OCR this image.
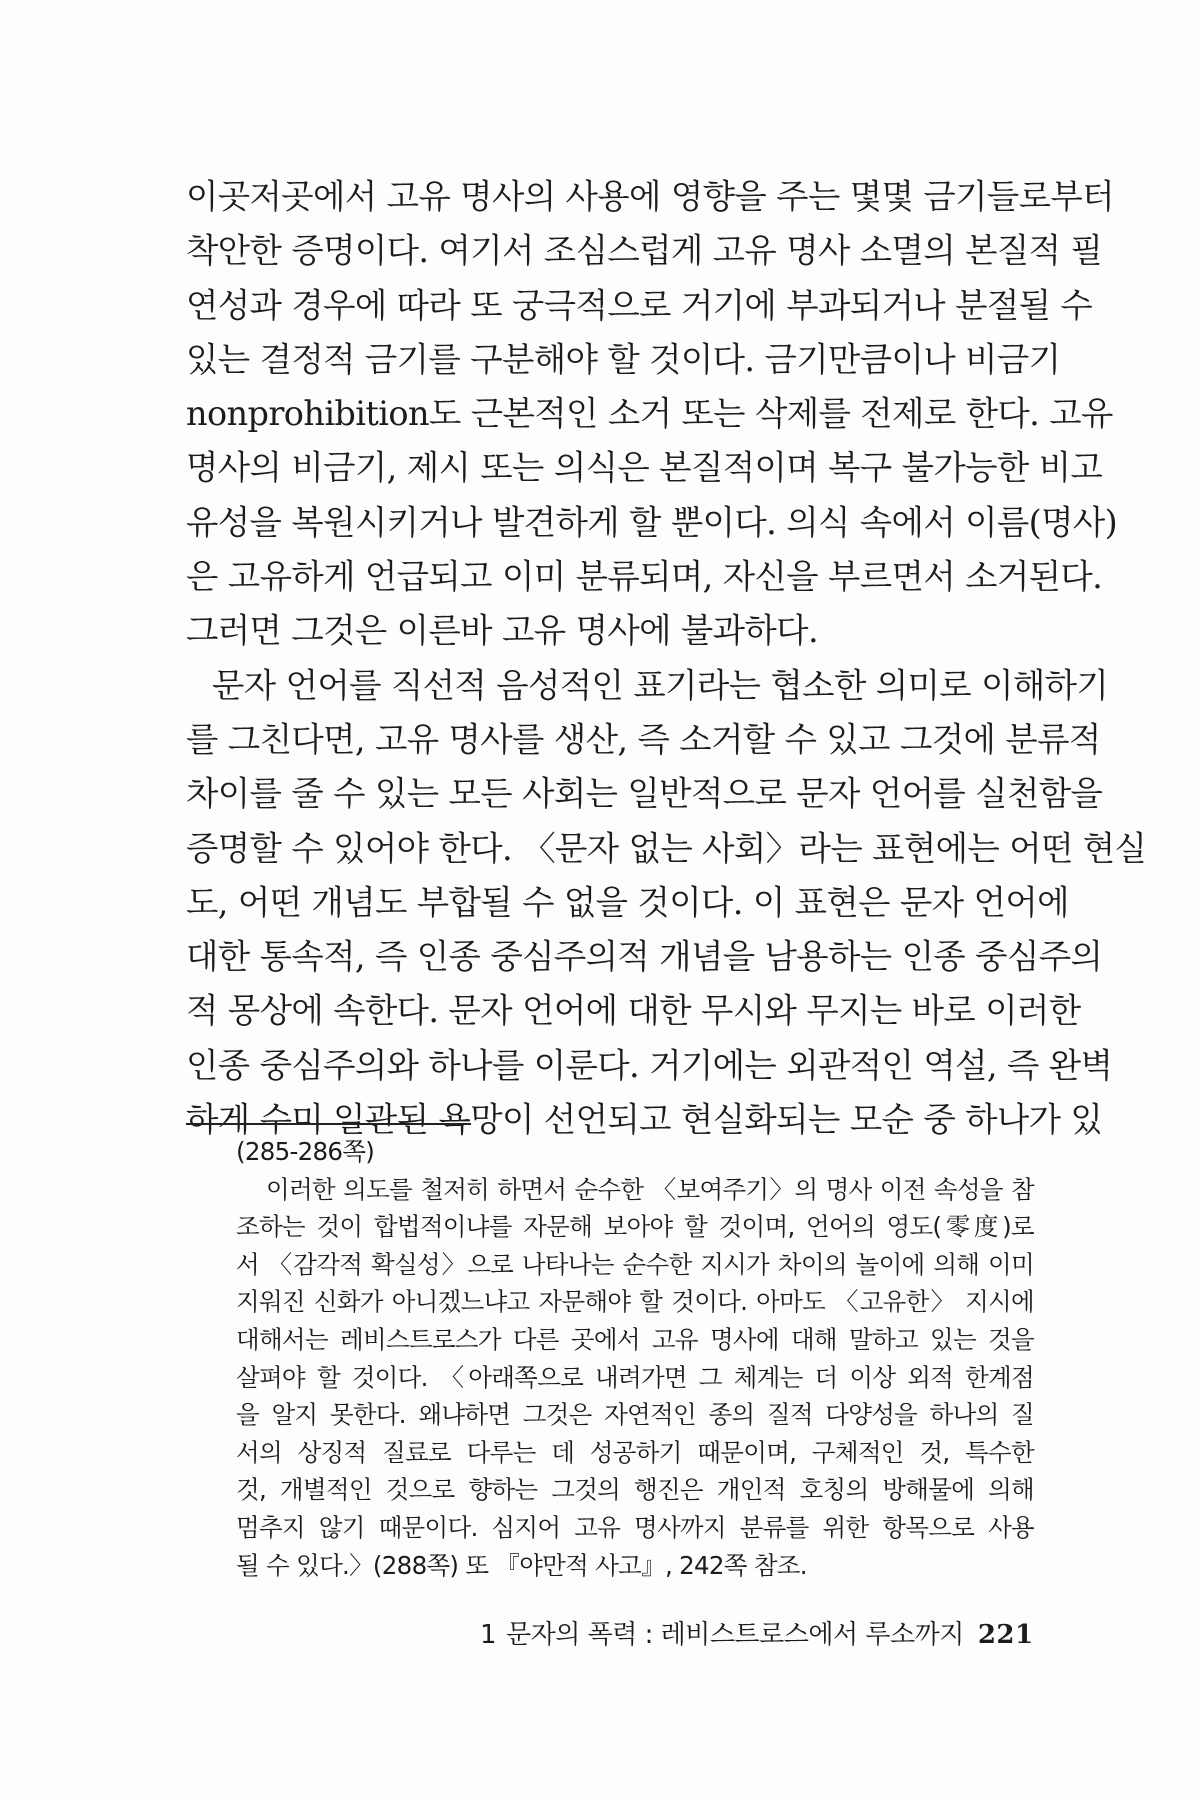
이곳저곳에서 고유 명사의 사용에 영향을 주는 몇몇 금기들로부터
착안한 증명이다. 여기서 조심스럽게 고유 명사 소멸의 본질적 필
연성과 경우에 따라 또 궁극적으로 거기에 부과되거나 분절될 수
있는 결정적 금기를 구분해야 할 것이다. 금기만큼이나 비금기
nonprohibition도 근본적인 소거 또는 삭제를 전제로 한다. 고유
명사의 비금기, 제시 또는 의식은 본질적이며 복구 불가능한 비고
유성을 복원시키거나 발견하게 할 뿐이다. 의식 속에서 이름(명사)
은 고유하게 언급되고 이미 분류되며, 자신을 부르면서 소거된다.
그러면 그것은 이른바 고유 명사에 불과하다.
문자 언어를 직선적 음성적인 표기라는 협소한 의미로 이해하기
를 그친다면, 고유 명사를 생산, 즉 소거할 수 있고 그것에 분류적
차이를 줄 수 있는 모든 사회는 일반적으로 문자 언어를 실천함을
증명할 수 있어야 한다. 〈문자 없는 사회〉라는 표현에는 어떤 현실
도, 어떤 개념도 부합될 수 없을 것이다. 이 표현은 문자 언어에
대한 통속적, 즉 인종 중심주의적 개념을 남용하는 인종 중심주의
적 몽상에 속한다. 문자 언어에 대한 무시와 무지는 바로 이러한
인종 중심주의와 하나를 이룬다. 거기에는 외관적인 역설, 즉 완벽
하게 수미 일관된 욕망이 선언되고 현실화되는 모순 중 하나가 있
(285-286쪽)
이러한 의도를 철저히 하면서 순수한 〈보여주기〉의 명사 이전 속성을 참
조하는 것이 합법적이냐를 자문해 보아야 할 것이며, 언어의 영도(零度)로
서 〈감각적 확실성〉으로 나타나는 순수한 지시가 차이의 놀이에 의해 이미
지워진 신화가 아니겠느냐고 자문해야 할 것이다. 아마도 〈고유한〉 지시에
대해서는 레비스트로스가 다른 곳에서 고유 명사에 대해 말하고 있는 것을
살펴야 할 것이다. 〈아래쪽으로 내려가면 그 체계는 더 이상 외적 한계점
을 알지 못한다. 왜냐하면 그것은 자연적인 종의 질적 다양성을 하나의 질
서의 상징적 질료로 다루는 데 성공하기 때문이며, 구체적인 것, 특수한
것, 개별적인 것으로 향하는 그것의 행진은 개인적 호칭의 방해물에 의해
멈추지 않기 때문이다. 심지어 고유 명사까지 분류를 위한 항목으로 사용
될 수 있다.〉(288쪽) 또 『야만적 사고』, 242쪽 참조.
1 문자의 폭력 : 레비스트로스에서 루소까지 221
